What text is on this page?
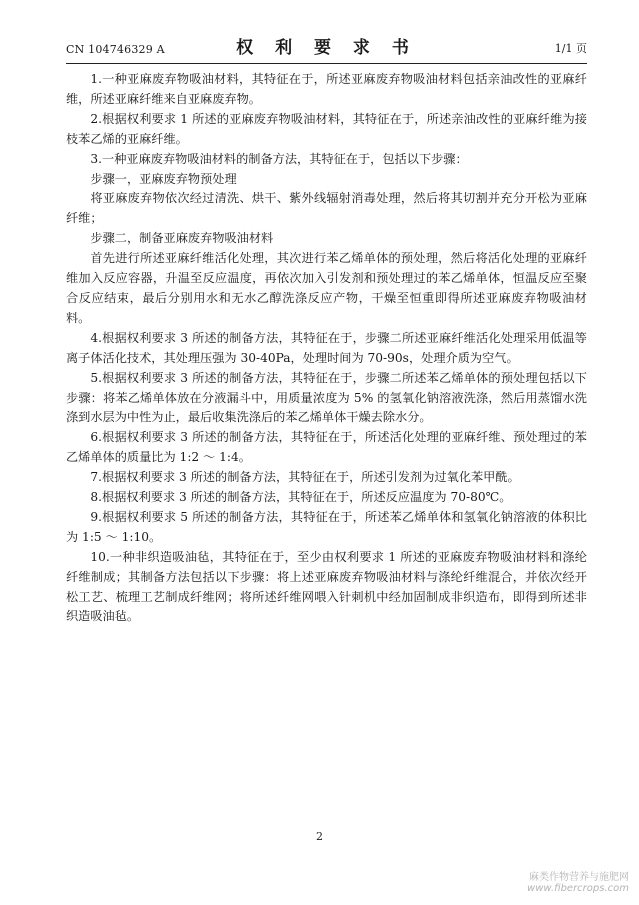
CN 104746329 A	权 利 要 求 书	1/1 页

1.一种亚麻废弃物吸油材料，其特征在于，所述亚麻废弃物吸油材料包括亲油改性的亚麻纤维，所述亚麻纤维来自亚麻废弃物。

2.根据权利要求 1 所述的亚麻废弃物吸油材料，其特征在于，所述亲油改性的亚麻纤维为接枝苯乙烯的亚麻纤维。

3.一种亚麻废弃物吸油材料的制备方法，其特征在于，包括以下步骤：

步骤一，亚麻废弃物预处理

将亚麻废弃物依次经过清洗、烘干、紫外线辐射消毒处理，然后将其切割并充分开松为亚麻纤维；

步骤二，制备亚麻废弃物吸油材料

首先进行所述亚麻纤维活化处理，其次进行苯乙烯单体的预处理，然后将活化处理的亚麻纤维加入反应容器，升温至反应温度，再依次加入引发剂和预处理过的苯乙烯单体，恒温反应至聚合反应结束，最后分别用水和无水乙醇洗涤反应产物，干燥至恒重即得所述亚麻废弃物吸油材料。

4.根据权利要求 3 所述的制备方法，其特征在于，步骤二所述亚麻纤维活化处理采用低温等离子体活化技术，其处理压强为 30-40Pa，处理时间为 70-90s，处理介质为空气。

5.根据权利要求 3 所述的制备方法，其特征在于，步骤二所述苯乙烯单体的预处理包括以下步骤：将苯乙烯单体放在分液漏斗中，用质量浓度为 5% 的氢氧化钠溶液洗涤，然后用蒸馏水洗涤到水层为中性为止，最后收集洗涤后的苯乙烯单体干燥去除水分。

6.根据权利要求 3 所述的制备方法，其特征在于，所述活化处理的亚麻纤维、预处理过的苯乙烯单体的质量比为 1:2 ～ 1:4。

7.根据权利要求 3 所述的制备方法，其特征在于，所述引发剂为过氧化苯甲酰。

8.根据权利要求 3 所述的制备方法，其特征在于，所述反应温度为 70-80℃。

9.根据权利要求 5 所述的制备方法，其特征在于，所述苯乙烯单体和氢氧化钠溶液的体积比为 1:5 ～ 1:10。

10.一种非织造吸油毡，其特征在于，至少由权利要求 1 所述的亚麻废弃物吸油材料和涤纶纤维制成；其制备方法包括以下步骤：将上述亚麻废弃物吸油材料与涤纶纤维混合，并依次经开松工艺、梳理工艺制成纤维网；将所述纤维网喂入针刺机中经加固制成非织造布，即得到所述非织造吸油毡。

2
麻类作物营养与施肥网
www.fibercrops.com
